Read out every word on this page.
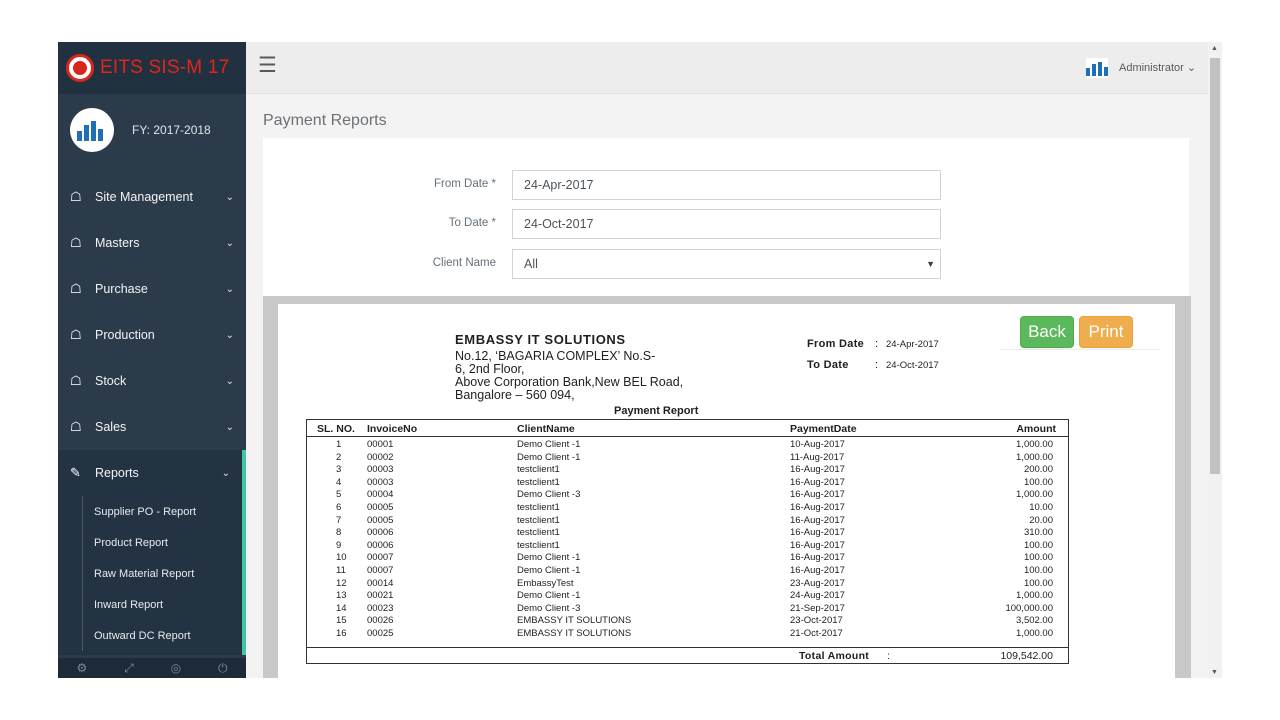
EITS SIS-M 17
FY: 2017-2018
☖ Site Management	⌄
☖ Masters	⌄
☖ Purchase	⌄
☖ Production	⌄
☖ Stock	⌄
☖ Sales	⌄
✎ Reports	⌄
Supplier PO - Report
Product Report
Raw Material Report
Inward Report
Outward DC Report
⚙	⤢	◎	⏻
☰	Administrator ⌄
Payment Reports
From Date *	24-Apr-2017
To Date *	24-Oct-2017
Client Name	All	▼
EMBASSY IT SOLUTIONS
No.12, ‘BAGARIA COMPLEX’ No.S-
6, 2nd Floor,
Above Corporation Bank,New BEL Road,
Bangalore – 560 094,
Payment Report
From Date : 24-Apr-2017
To Date : 24-Oct-2017
Back	Print
SL. NO. InvoiceNo	ClientName	PaymentDate	Amount
1	00001	Demo Client -1	10-Aug-2017	1,000.00
2	00002	Demo Client -1	11-Aug-2017	1,000.00
3	00003	testclient1	16-Aug-2017	200.00
4	00003	testclient1	16-Aug-2017	100.00
5	00004	Demo Client -3	16-Aug-2017	1,000.00
6	00005	testclient1	16-Aug-2017	10.00
7	00005	testclient1	16-Aug-2017	20.00
8	00006	testclient1	16-Aug-2017	310.00
9	00006	testclient1	16-Aug-2017	100.00
10 00007	Demo Client -1	16-Aug-2017	100.00
11 00007	Demo Client -1	16-Aug-2017	100.00
12 00014	EmbassyTest	23-Aug-2017	100.00
13 00021	Demo Client -1	24-Aug-2017	1,000.00
14 00023	Demo Client -3	21-Sep-2017	100,000.00
15 00026	EMBASSY IT SOLUTIONS	23-Oct-2017	3,502.00
16 00025	EMBASSY IT SOLUTIONS	21-Oct-2017	1,000.00
Total Amount :	109,542.00
▲
▼
